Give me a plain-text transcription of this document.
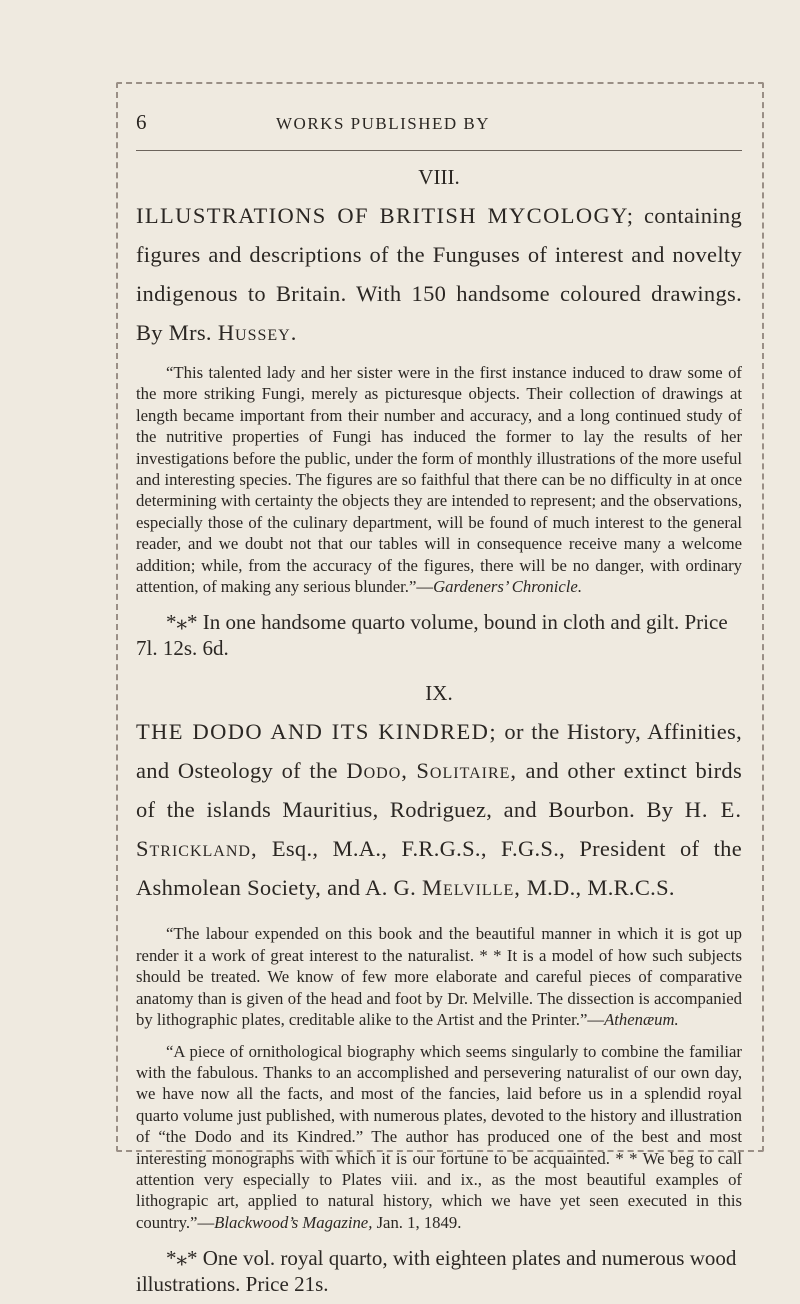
6	WORKS PUBLISHED BY
VIII.
ILLUSTRATIONS OF BRITISH MYCOLOGY; containing figures and descriptions of the Funguses of interest and novelty indigenous to Britain. With 150 handsome coloured drawings. By Mrs. Hussey.
“This talented lady and her sister were in the first instance induced to draw some of the more striking Fungi, merely as picturesque objects. Their collection of drawings at length became important from their number and accuracy, and a long continued study of the nutritive properties of Fungi has induced the former to lay the results of her investigations before the public, under the form of monthly illustrations of the more useful and interesting species. The figures are so faithful that there can be no difficulty in at once determining with certainty the objects they are intended to represent; and the observations, especially those of the culinary department, will be found of much interest to the general reader, and we doubt not that our tables will in consequence receive many a welcome addition; while, from the accuracy of the figures, there will be no danger, with ordinary attention, of making any serious blunder.”—Gardeners’ Chronicle.
*⁎* In one handsome quarto volume, bound in cloth and gilt. Price 7l. 12s. 6d.
IX.
THE DODO AND ITS KINDRED; or the History, Affinities, and Osteology of the Dodo, Solitaire, and other extinct birds of the islands Mauritius, Rodriguez, and Bourbon. By H. E. Strickland, Esq., M.A., F.R.G.S., F.G.S., President of the Ashmolean Society, and A. G. Melville, M.D., M.R.C.S.
“The labour expended on this book and the beautiful manner in which it is got up render it a work of great interest to the naturalist. * * It is a model of how such subjects should be treated. We know of few more elaborate and careful pieces of comparative anatomy than is given of the head and foot by Dr. Melville. The dissection is accompanied by lithographic plates, creditable alike to the Artist and the Printer.”—Athenæum.
“A piece of ornithological biography which seems singularly to combine the familiar with the fabulous. Thanks to an accomplished and persevering naturalist of our own day, we have now all the facts, and most of the fancies, laid before us in a splendid royal quarto volume just published, with numerous plates, devoted to the history and illustration of “the Dodo and its Kindred.” The author has produced one of the best and most interesting monographs with which it is our fortune to be acquainted. * * We beg to call attention very especially to Plates viii. and ix., as the most beautiful examples of lithograpic art, applied to natural history, which we have yet seen executed in this country.”—Blackwood’s Magazine, Jan. 1, 1849.
*⁎* One vol. royal quarto, with eighteen plates and numerous wood illustrations. Price 21s.
